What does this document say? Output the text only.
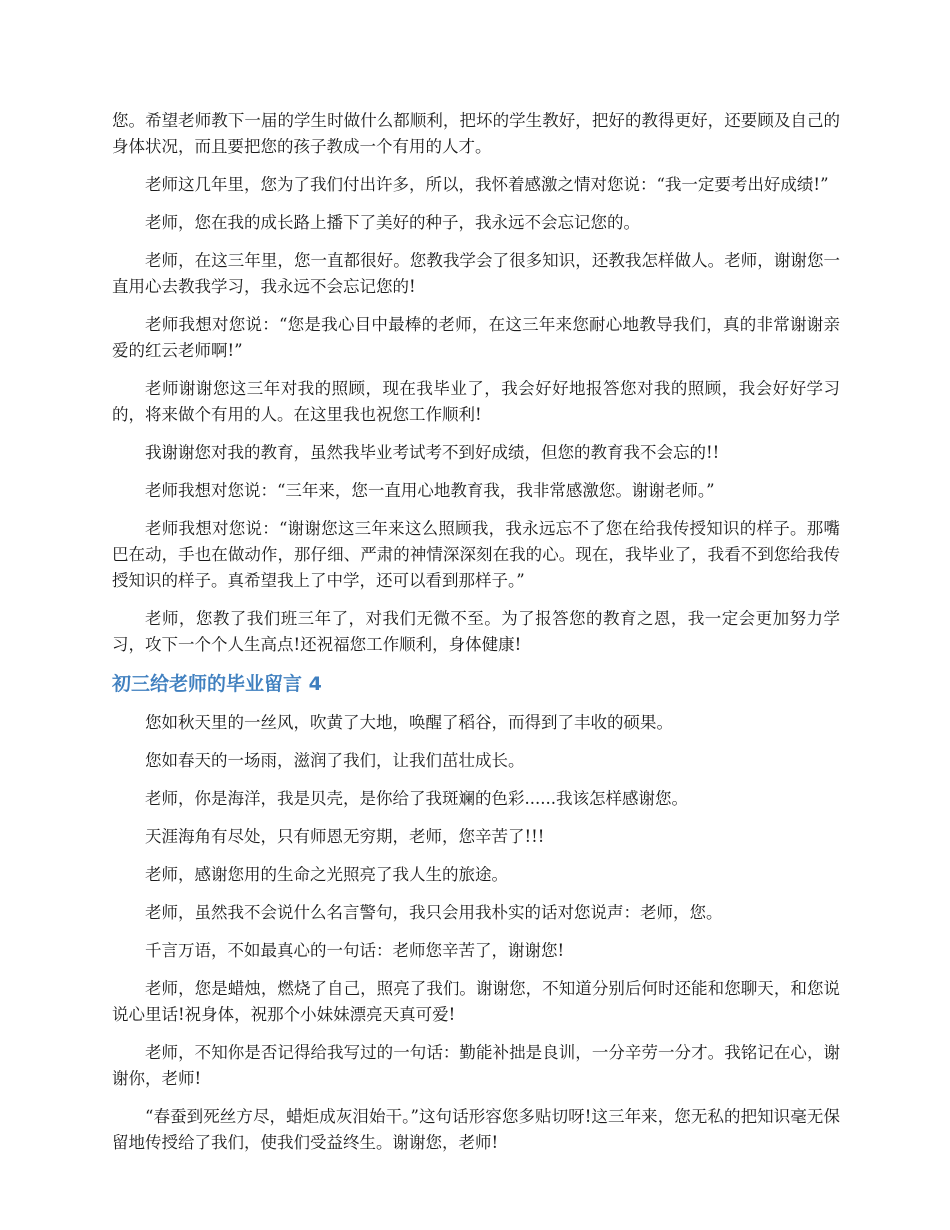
您。希望老师教下一届的学生时做什么都顺利，把坏的学生教好，把好的教得更好，还要顾及自己的身体状况，而且要把您的孩子教成一个有用的人才。

老师这几年里，您为了我们付出许多，所以，我怀着感激之情对您说：“我一定要考出好成绩!”

老师，您在我的成长路上播下了美好的种子，我永远不会忘记您的。

老师，在这三年里，您一直都很好。您教我学会了很多知识，还教我怎样做人。老师，谢谢您一直用心去教我学习，我永远不会忘记您的!

老师我想对您说：“您是我心目中最棒的老师，在这三年来您耐心地教导我们，真的非常谢谢亲爱的红云老师啊!”

老师谢谢您这三年对我的照顾，现在我毕业了，我会好好地报答您对我的照顾，我会好好学习的，将来做个有用的人。在这里我也祝您工作顺利!

我谢谢您对我的教育，虽然我毕业考试考不到好成绩，但您的教育我不会忘的!!

老师我想对您说：“三年来，您一直用心地教育我，我非常感激您。谢谢老师。”

老师我想对您说：“谢谢您这三年来这么照顾我，我永远忘不了您在给我传授知识的样子。那嘴巴在动，手也在做动作，那仔细、严肃的神情深深刻在我的心。现在，我毕业了，我看不到您给我传授知识的样子。真希望我上了中学，还可以看到那样子。”

老师，您教了我们班三年了，对我们无微不至。为了报答您的教育之恩，我一定会更加努力学习，攻下一个个人生高点!还祝福您工作顺利，身体健康!

初三给老师的毕业留言 4

您如秋天里的一丝风，吹黄了大地，唤醒了稻谷，而得到了丰收的硕果。

您如春天的一场雨，滋润了我们，让我们茁壮成长。

老师，你是海洋，我是贝壳，是你给了我斑斓的色彩......我该怎样感谢您。

天涯海角有尽处，只有师恩无穷期，老师，您辛苦了!!!

老师，感谢您用的生命之光照亮了我人生的旅途。

老师，虽然我不会说什么名言警句，我只会用我朴实的话对您说声：老师，您。

千言万语，不如最真心的一句话：老师您辛苦了，谢谢您!

老师，您是蜡烛，燃烧了自己，照亮了我们。谢谢您，不知道分别后何时还能和您聊天，和您说说心里话!祝身体，祝那个小妹妹漂亮天真可爱!

老师，不知你是否记得给我写过的一句话：勤能补拙是良训，一分辛劳一分才。我铭记在心，谢谢你，老师!

“春蚕到死丝方尽，蜡炬成灰泪始干。”这句话形容您多贴切呀!这三年来，您无私的把知识毫无保留地传授给了我们，使我们受益终生。谢谢您，老师!
